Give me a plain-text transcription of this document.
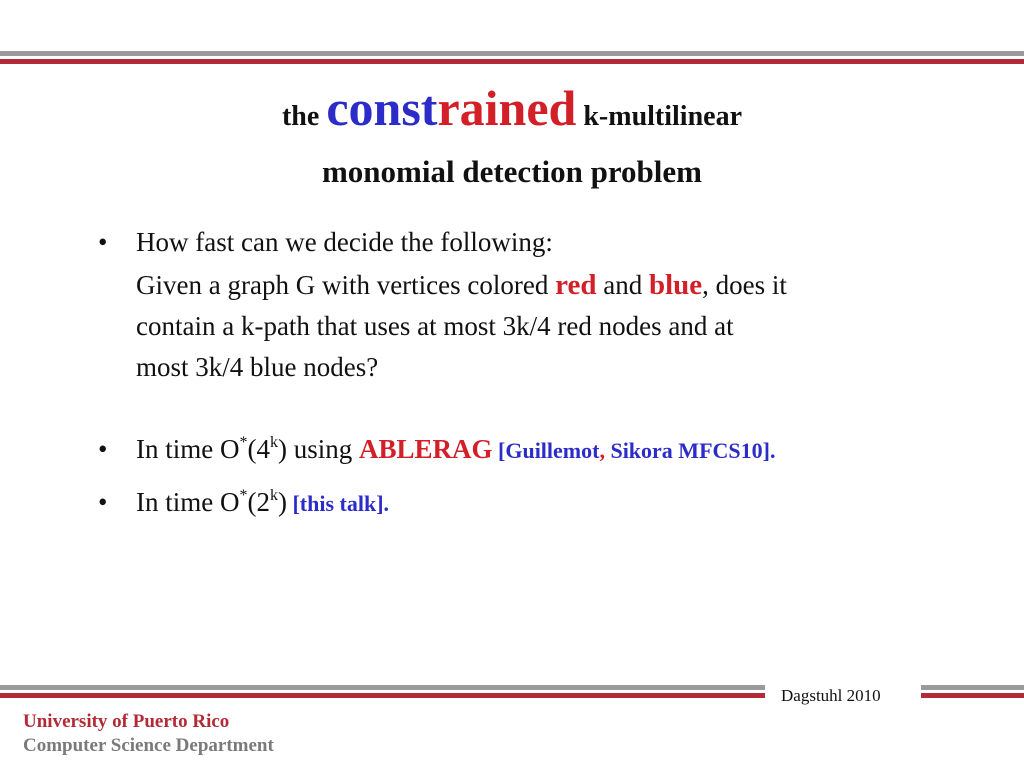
the constrained k-multilinear
monomial detection problem
• How fast can we decide the following:
Given a graph G with vertices colored red and blue, does it
contain a k-path that uses at most 3k/4 red nodes and at
most 3k/4 blue nodes?
• In time O*(4$^k$) using ABLERAG [Guillemot, Sikora MFCS10].
• In time O*(2$^k$) [this talk].
Dagstuhl 2010
University of Puerto Rico
Computer Science Department
